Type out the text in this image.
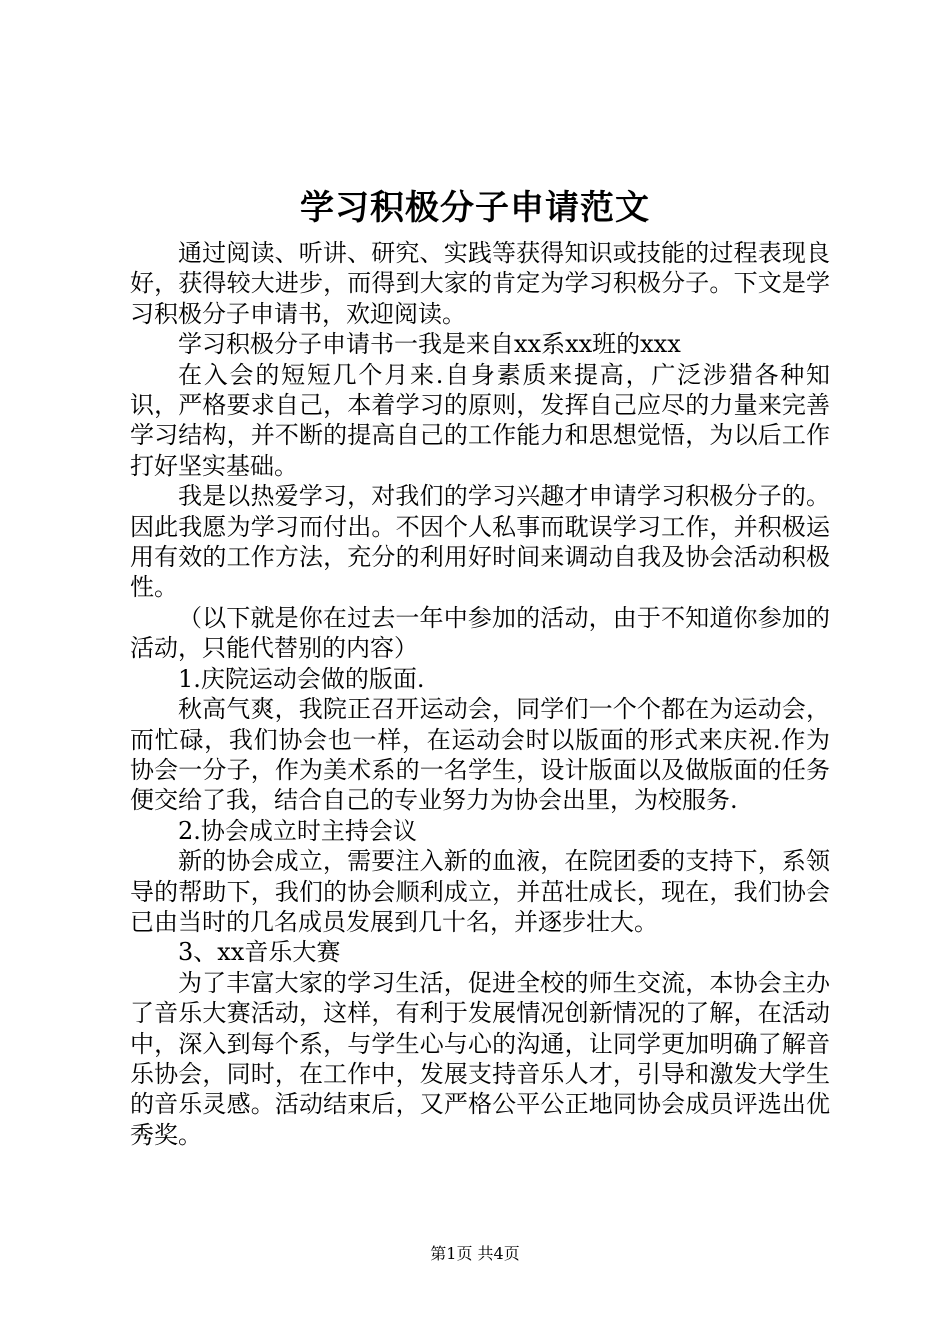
学习积极分子申请范文

通过阅读、听讲、研究、实践等获得知识或技能的过程表现良好，获得较大进步，而得到大家的肯定为学习积极分子。下文是学习积极分子申请书，欢迎阅读。

学习积极分子申请书一我是来自xx系xx班的xxx

在入会的短短几个月来.自身素质来提高，广泛涉猎各种知识，严格要求自己，本着学习的原则，发挥自己应尽的力量来完善学习结构，并不断的提高自己的工作能力和思想觉悟，为以后工作打好坚实基础。

我是以热爱学习，对我们的学习兴趣才申请学习积极分子的。因此我愿为学习而付出。不因个人私事而耽误学习工作，并积极运用有效的工作方法，充分的利用好时间来调动自我及协会活动积极性。

（以下就是你在过去一年中参加的活动，由于不知道你参加的活动，只能代替别的内容）

1.庆院运动会做的版面.

秋高气爽，我院正召开运动会，同学们一个个都在为运动会，而忙碌，我们协会也一样，在运动会时以版面的形式来庆祝.作为协会一分子，作为美术系的一名学生，设计版面以及做版面的任务便交给了我，结合自己的专业努力为协会出里，为校服务.

2.协会成立时主持会议

新的协会成立，需要注入新的血液，在院团委的支持下，系领导的帮助下，我们的协会顺利成立，并茁壮成长，现在，我们协会已由当时的几名成员发展到几十名，并逐步壮大。

3、xx音乐大赛

为了丰富大家的学习生活，促进全校的师生交流，本协会主办了音乐大赛活动，这样，有利于发展情况创新情况的了解，在活动中，深入到每个系，与学生心与心的沟通，让同学更加明确了解音乐协会，同时，在工作中，发展支持音乐人才，引导和激发大学生的音乐灵感。活动结束后，又严格公平公正地同协会成员评选出优秀奖。

第1页 共4页
